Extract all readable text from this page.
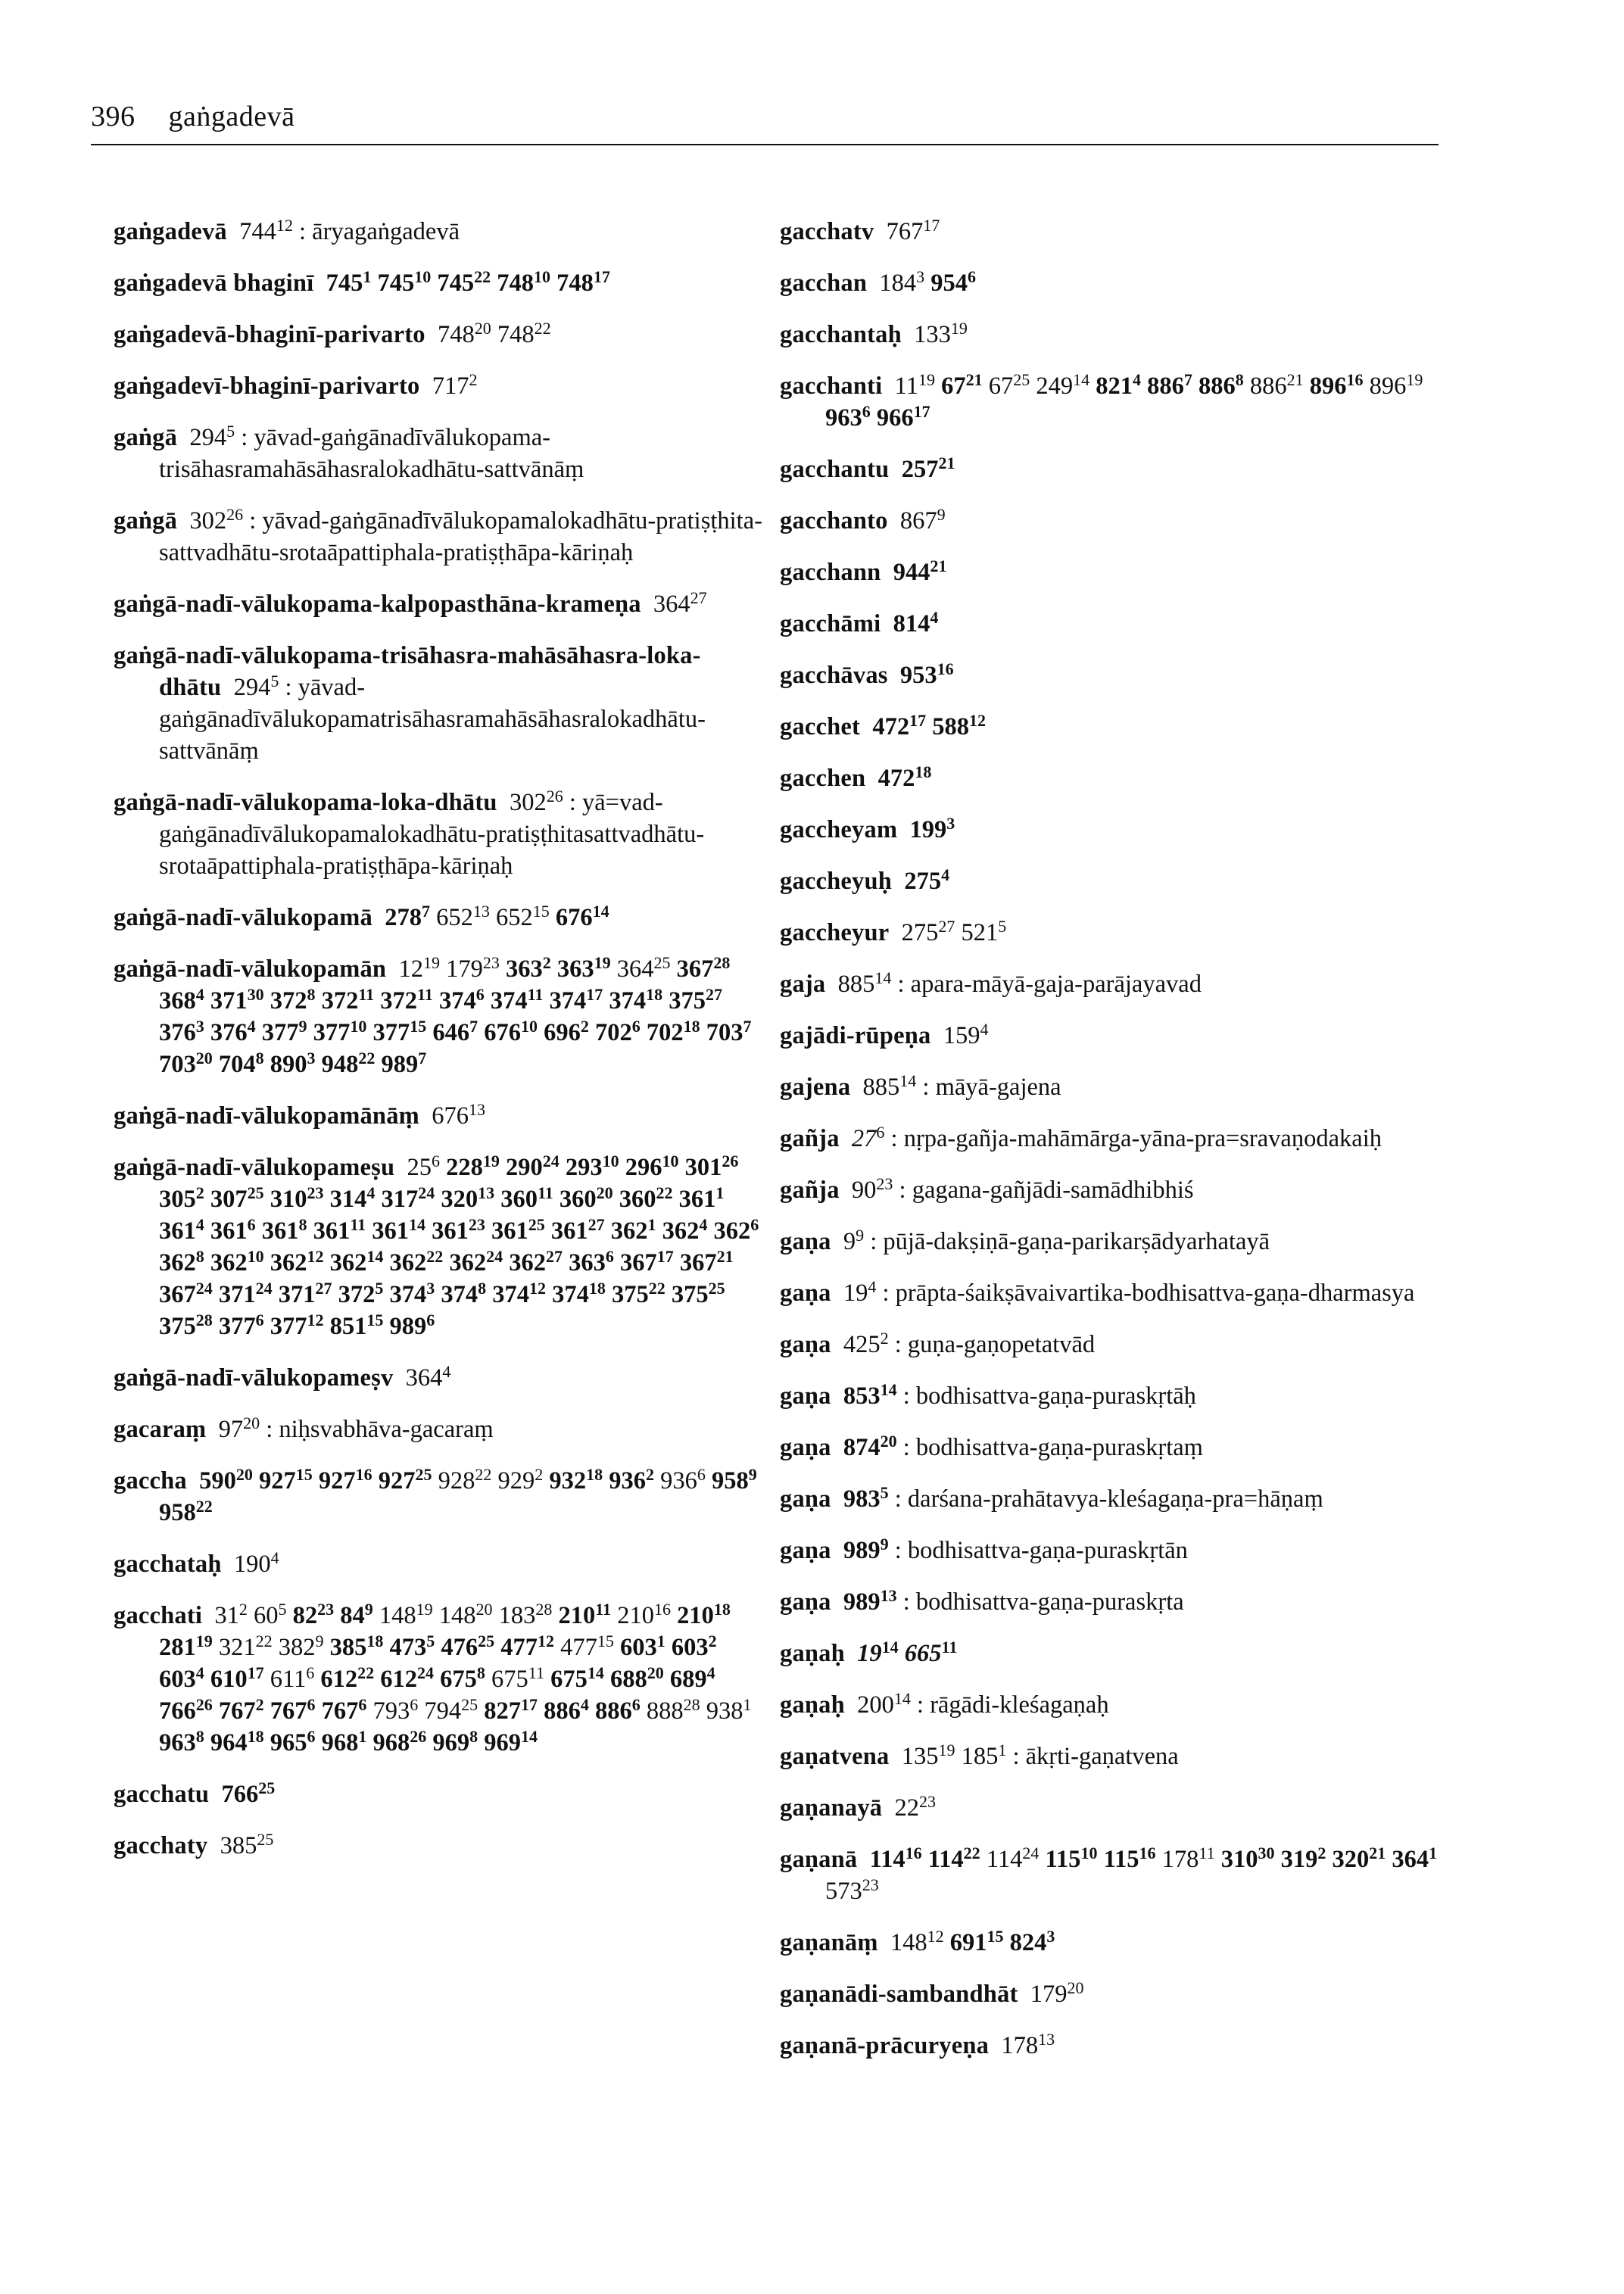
396 gaṅgadevā

gaṅgadevā  $744^{12}$ : āryagaṅgadevā

gaṅgadevā bhaginī  $745^1$ $745^{10}$ $745^{22}$ $748^{10}$ $748^{17}$

gaṅgadevā-bhaginī-parivarto  $748^{20}$ $748^{22}$

gaṅgadevī-bhaginī-parivarto  $717^2$

gaṅgā  $294^5$ : yāvad-gaṅgānadīvālukopama-trisāhasramahāsāhasralokadhātu-sattvānāṃ

gaṅgā  $302^{26}$ : yāvad-gaṅgānadīvālukopamalokadhātu-pratiṣṭhita-sattvadhātu-srotaāpattiphala-pratiṣṭhāpa-kāriṇaḥ

gaṅgā-nadī-vālukopama-kalpopasthāna-krameṇa  $364^{27}$

gaṅgā-nadī-vālukopama-trisāhasra-mahāsāhasra-loka-dhātu  $294^5$ : yāvad-gaṅgānadīvālukopamatrisāhasramahāsāhasralokadhātu-sattvānāṃ

gaṅgā-nadī-vālukopama-loka-dhātu  $302^{26}$ : yā=vad-gaṅgānadīvālukopamalokadhātu-pratiṣṭhitasattvadhātu-srotaāpattiphala-pratiṣṭhāpa-kāriṇaḥ

gaṅgā-nadī-vālukopamā  $278^7$ $652^{13}$ $652^{15}$ $676^{14}$

gaṅgā-nadī-vālukopamān  $12^{19}$ $179^{23}$ $363^2$ $363^{19}$ $364^{25}$ $367^{28}$ $368^4$ $371^{30}$ $372^8$ $372^{11}$ $372^{11}$ $374^6$ $374^{11}$ $374^{17}$ $374^{18}$ $375^{27}$ $376^3$ $376^4$ $377^9$ $377^{10}$ $377^{15}$ $646^7$ $676^{10}$ $696^2$ $702^6$ $702^{18}$ $703^7$ $703^{20}$ $704^8$ $890^3$ $948^{22}$ $989^7$

gaṅgā-nadī-vālukopamānāṃ  $676^{13}$

gaṅgā-nadī-vālukopameṣu  $25^6$ $228^{19}$ $290^{24}$ $293^{10}$ $296^{10}$ $301^{26}$ $305^2$ $307^{25}$ $310^{23}$ $314^4$ $317^{24}$ $320^{13}$ $360^{11}$ $360^{20}$ $360^{22}$ $361^1$ $361^4$ $361^6$ $361^8$ $361^{11}$ $361^{14}$ $361^{23}$ $361^{25}$ $361^{27}$ $362^1$ $362^4$ $362^6$ $362^8$ $362^{10}$ $362^{12}$ $362^{14}$ $362^{22}$ $362^{24}$ $362^{27}$ $363^6$ $367^{17}$ $367^{21}$ $367^{24}$ $371^{24}$ $371^{27}$ $372^5$ $374^3$ $374^8$ $374^{12}$ $374^{18}$ $375^{22}$ $375^{25}$ $375^{28}$ $377^6$ $377^{12}$ $851^{15}$ $989^6$

gaṅgā-nadī-vālukopameṣv  $364^4$

gacaraṃ  $97^{20}$ : niḥsvabhāva-gacaraṃ

gaccha  $590^{20}$ $927^{15}$ $927^{16}$ $927^{25}$ $928^{22}$ $929^2$ $932^{18}$ $936^2$ $936^6$ $958^9$ $958^{22}$

gacchataḥ  $190^4$

gacchati  $31^2$ $60^5$ $82^{23}$ $84^9$ $148^{19}$ $148^{20}$ $183^{28}$ $210^{11}$ $210^{16}$ $210^{18}$ $281^{19}$ $321^{22}$ $382^9$ $385^{18}$ $473^5$ $476^{25}$ $477^{12}$ $477^{15}$ $603^1$ $603^2$ $603^4$ $610^{17}$ $611^6$ $612^{22}$ $612^{24}$ $675^8$ $675^{11}$ $675^{14}$ $688^{20}$ $689^4$ $766^{26}$ $767^2$ $767^6$ $767^6$ $793^6$ $794^{25}$ $827^{17}$ $886^4$ $886^6$ $888^{28}$ $938^1$ $963^8$ $964^{18}$ $965^6$ $968^1$ $968^{26}$ $969^8$ $969^{14}$

gacchatu  $766^{25}$

gacchaty  $385^{25}$

gacchatv  $767^{17}$

gacchan  $184^3$ $954^6$

gacchantaḥ  $133^{19}$

gacchanti  $11^{19}$ $67^{21}$ $67^{25}$ $249^{14}$ $821^4$ $886^7$ $886^8$ $886^{21}$ $896^{16}$ $896^{19}$ $963^6$ $966^{17}$

gacchantu  $257^{21}$

gacchanto  $867^9$

gacchann  $944^{21}$

gacchāmi  $814^4$

gacchāvas  $953^{16}$

gacchet  $472^{17}$ $588^{12}$

gacchen  $472^{18}$

gaccheyam  $199^3$

gaccheyuḥ  $275^4$

gaccheyur  $275^{27}$ $521^5$

gaja  $885^{14}$ : apara-māyā-gaja-parājayavad

gajādi-rūpeṇa  $159^4$

gajena  $885^{14}$ : māyā-gajena

gañja  $27^6$ : nṛpa-gañja-mahāmārga-yāna-pra=sravaṇodakaiḥ

gañja  $90^{23}$ : gagana-gañjādi-samādhibhiś

gaṇa  $9^9$ : pūjā-dakṣiṇā-gaṇa-parikarṣādyarhatayā

gaṇa  $19^4$ : prāpta-śaikṣāvaivartika-bodhisattva-gaṇa-dharmasya

gaṇa  $425^2$ : guṇa-gaṇopetatvād

gaṇa  $853^{14}$ : bodhisattva-gaṇa-puraskṛtāḥ

gaṇa  $874^{20}$ : bodhisattva-gaṇa-puraskṛtaṃ

gaṇa  $983^5$ : darśana-prahātavya-kleśagaṇa-pra=hāṇaṃ

gaṇa  $989^9$ : bodhisattva-gaṇa-puraskṛtān

gaṇa  $989^{13}$ : bodhisattva-gaṇa-puraskṛta

gaṇaḥ  $19^{14}$ $665^{11}$

gaṇaḥ  $200^{14}$ : rāgādi-kleśagaṇaḥ

gaṇatvena  $135^{19}$ $185^1$ : ākṛti-gaṇatvena

gaṇanayā  $22^{23}$

gaṇanā  $114^{16}$ $114^{22}$ $114^{24}$ $115^{10}$ $115^{16}$ $178^{11}$ $310^{30}$ $319^2$ $320^{21}$ $364^1$ $573^{23}$

gaṇanāṃ  $148^{12}$ $691^{15}$ $824^3$

gaṇanādi-sambandhāt  $179^{20}$

gaṇanā-prācuryeṇa  $178^{13}$
